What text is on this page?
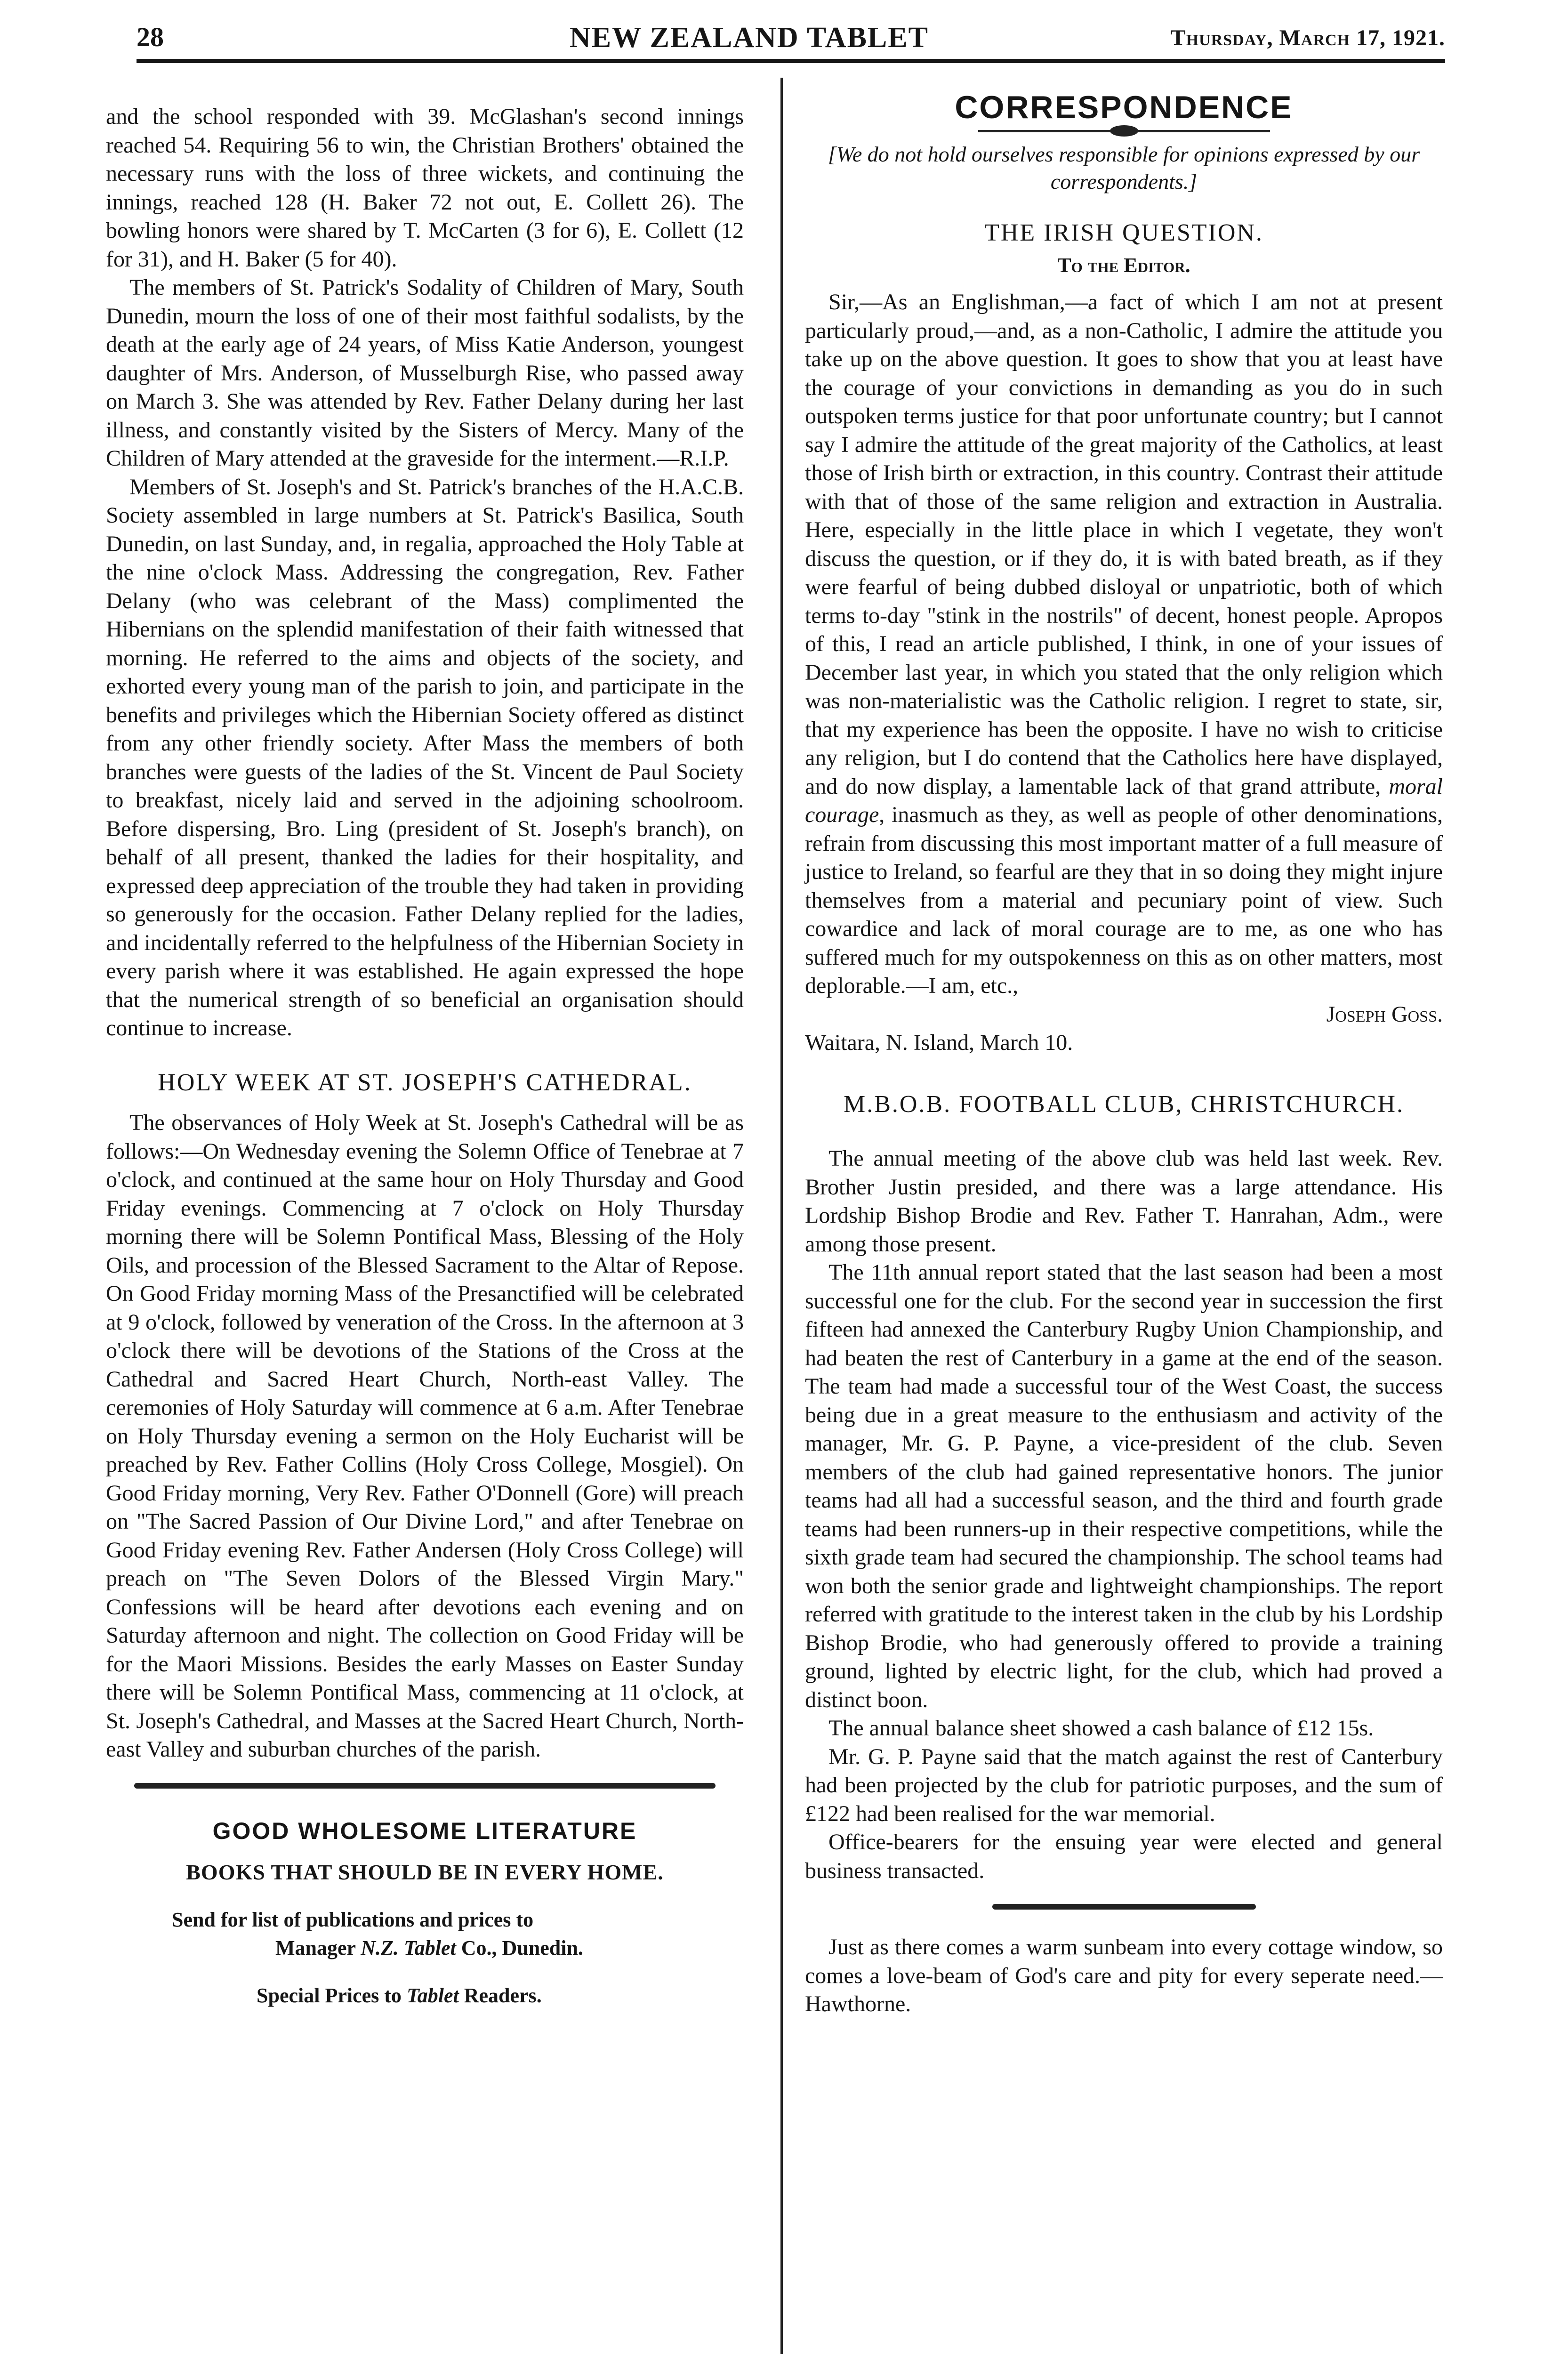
28	NEW ZEALAND TABLET	Thursday, March 17, 1921.

and the school responded with 39. McGlashan's second innings reached 54. Requiring 56 to win, the Christian Brothers' obtained the necessary runs with the loss of three wickets, and continuing the innings, reached 128 (H. Baker 72 not out, E. Collett 26). The bowling honors were shared by T. McCarten (3 for 6), E. Collett (12 for 31), and H. Baker (5 for 40).

The members of St. Patrick's Sodality of Children of Mary, South Dunedin, mourn the loss of one of their most faithful sodalists, by the death at the early age of 24 years, of Miss Katie Anderson, youngest daughter of Mrs. Anderson, of Musselburgh Rise, who passed away on March 3. She was attended by Rev. Father Delany during her last illness, and constantly visited by the Sisters of Mercy. Many of the Children of Mary attended at the graveside for the interment.—R.I.P.

Members of St. Joseph's and St. Patrick's branches of the H.A.C.B. Society assembled in large numbers at St. Patrick's Basilica, South Dunedin, on last Sunday, and, in regalia, approached the Holy Table at the nine o'clock Mass. Addressing the congregation, Rev. Father Delany (who was celebrant of the Mass) complimented the Hibernians on the splendid manifestation of their faith witnessed that morning. He referred to the aims and objects of the society, and exhorted every young man of the parish to join, and participate in the benefits and privileges which the Hibernian Society offered as distinct from any other friendly society. After Mass the members of both branches were guests of the ladies of the St. Vincent de Paul Society to breakfast, nicely laid and served in the adjoining schoolroom. Before dispersing, Bro. Ling (president of St. Joseph's branch), on behalf of all present, thanked the ladies for their hospitality, and expressed deep appreciation of the trouble they had taken in providing so generously for the occasion. Father Delany replied for the ladies, and incidentally referred to the helpfulness of the Hibernian Society in every parish where it was established. He again expressed the hope that the numerical strength of so beneficial an organisation should continue to increase.

HOLY WEEK AT ST. JOSEPH'S CATHEDRAL.

The observances of Holy Week at St. Joseph's Cathedral will be as follows:—On Wednesday evening the Solemn Office of Tenebrae at 7 o'clock, and continued at the same hour on Holy Thursday and Good Friday evenings. Commencing at 7 o'clock on Holy Thursday morning there will be Solemn Pontifical Mass, Blessing of the Holy Oils, and procession of the Blessed Sacrament to the Altar of Repose. On Good Friday morning Mass of the Presanctified will be celebrated at 9 o'clock, followed by veneration of the Cross. In the afternoon at 3 o'clock there will be devotions of the Stations of the Cross at the Cathedral and Sacred Heart Church, North-east Valley. The ceremonies of Holy Saturday will commence at 6 a.m. After Tenebrae on Holy Thursday evening a sermon on the Holy Eucharist will be preached by Rev. Father Collins (Holy Cross College, Mosgiel). On Good Friday morning, Very Rev. Father O'Donnell (Gore) will preach on "The Sacred Passion of Our Divine Lord," and after Tenebrae on Good Friday evening Rev. Father Andersen (Holy Cross College) will preach on "The Seven Dolors of the Blessed Virgin Mary." Confessions will be heard after devotions each evening and on Saturday afternoon and night. The collection on Good Friday will be for the Maori Missions. Besides the early Masses on Easter Sunday there will be Solemn Pontifical Mass, commencing at 11 o'clock, at St. Joseph's Cathedral, and Masses at the Sacred Heart Church, North-east Valley and suburban churches of the parish.

GOOD WHOLESOME LITERATURE
BOOKS THAT SHOULD BE IN EVERY HOME.
Send for list of publications and prices to
Manager N.Z. Tablet Co., Dunedin.
Special Prices to Tablet Readers.
CORRESPONDENCE
[We do not hold ourselves responsible for opinions expressed by our correspondents.]
THE IRISH QUESTION.
To the Editor.

Sir,—As an Englishman,—a fact of which I am not at present particularly proud,—and, as a non-Catholic, I admire the attitude you take up on the above question. It goes to show that you at least have the courage of your convictions in demanding as you do in such outspoken terms justice for that poor unfortunate country; but I cannot say I admire the attitude of the great majority of the Catholics, at least those of Irish birth or extraction, in this country. Contrast their attitude with that of those of the same religion and extraction in Australia. Here, especially in the little place in which I vegetate, they won't discuss the question, or if they do, it is with bated breath, as if they were fearful of being dubbed disloyal or unpatriotic, both of which terms to-day "stink in the nostrils" of decent, honest people. Apropos of this, I read an article published, I think, in one of your issues of December last year, in which you stated that the only religion which was non-materialistic was the Catholic religion. I regret to state, sir, that my experience has been the opposite. I have no wish to criticise any religion, but I do contend that the Catholics here have displayed, and do now display, a lamentable lack of that grand attribute, moral courage, inasmuch as they, as well as people of other denominations, refrain from discussing this most important matter of a full measure of justice to Ireland, so fearful are they that in so doing they might injure themselves from a material and pecuniary point of view. Such cowardice and lack of moral courage are to me, as one who has suffered much for my outspokenness on this as on other matters, most deplorable.—I am, etc.,

Joseph Goss.

Waitara, N. Island, March 10.

M.B.O.B. FOOTBALL CLUB, CHRISTCHURCH.

The annual meeting of the above club was held last week. Rev. Brother Justin presided, and there was a large attendance. His Lordship Bishop Brodie and Rev. Father T. Hanrahan, Adm., were among those present.

The 11th annual report stated that the last season had been a most successful one for the club. For the second year in succession the first fifteen had annexed the Canterbury Rugby Union Championship, and had beaten the rest of Canterbury in a game at the end of the season. The team had made a successful tour of the West Coast, the success being due in a great measure to the enthusiasm and activity of the manager, Mr. G. P. Payne, a vice-president of the club. Seven members of the club had gained representative honors. The junior teams had all had a successful season, and the third and fourth grade teams had been runners-up in their respective competitions, while the sixth grade team had secured the championship. The school teams had won both the senior grade and lightweight championships. The report referred with gratitude to the interest taken in the club by his Lordship Bishop Brodie, who had generously offered to provide a training ground, lighted by electric light, for the club, which had proved a distinct boon.

The annual balance sheet showed a cash balance of £12 15s.

Mr. G. P. Payne said that the match against the rest of Canterbury had been projected by the club for patriotic purposes, and the sum of £122 had been realised for the war memorial.

Office-bearers for the ensuing year were elected and general business transacted.

Just as there comes a warm sunbeam into every cottage window, so comes a love-beam of God's care and pity for every seperate need.—Hawthorne.
